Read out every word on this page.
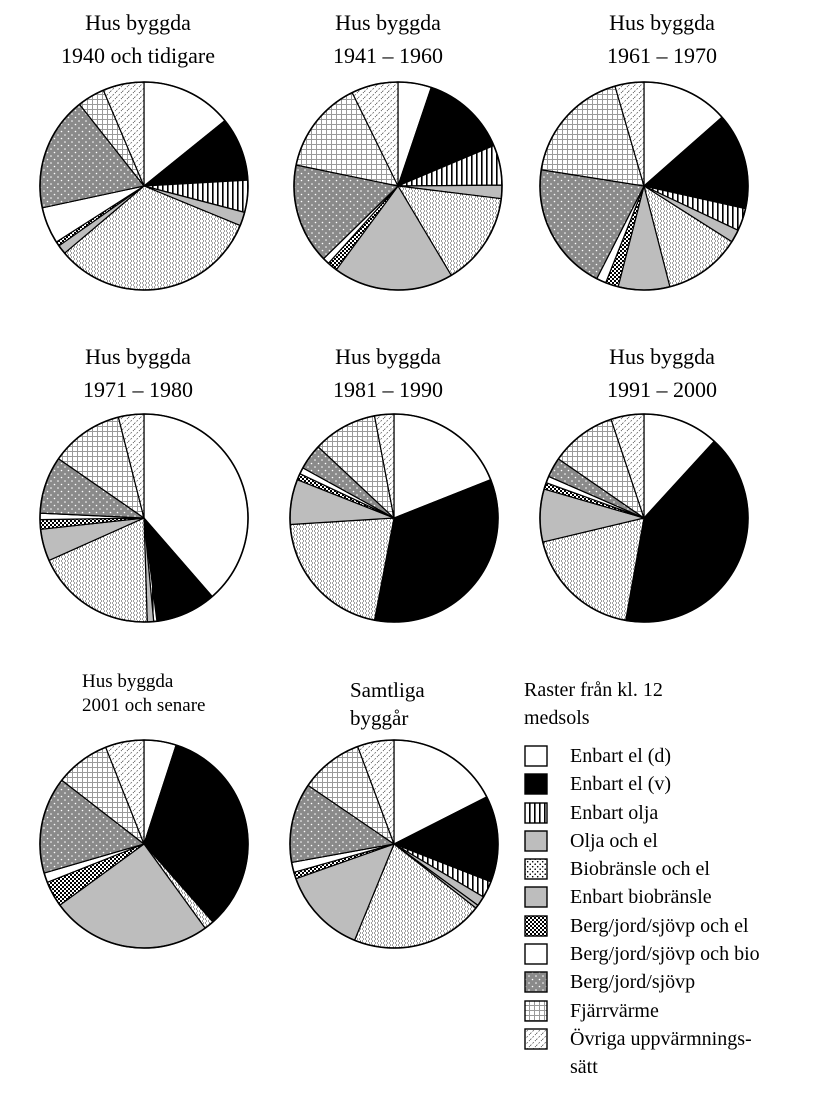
Hus byggda
1940 och tidigare
Hus byggda
1941 – 1960
Hus byggda
1961 – 1970
Hus byggda
1971 – 1980
Hus byggda
1981 – 1990
Hus byggda
1991 – 2000
Hus byggda
2001 och senare
Samtliga
byggår
Raster från kl. 12
medsols
Enbart el (d)
Enbart el (v)
Enbart olja
Olja och el
Biobränsle och el
Enbart biobränsle
Berg/jord/sjövp och el
Berg/jord/sjövp och bio
Berg/jord/sjövp
Fjärrvärme
Övriga uppvärmnings-
sätt
